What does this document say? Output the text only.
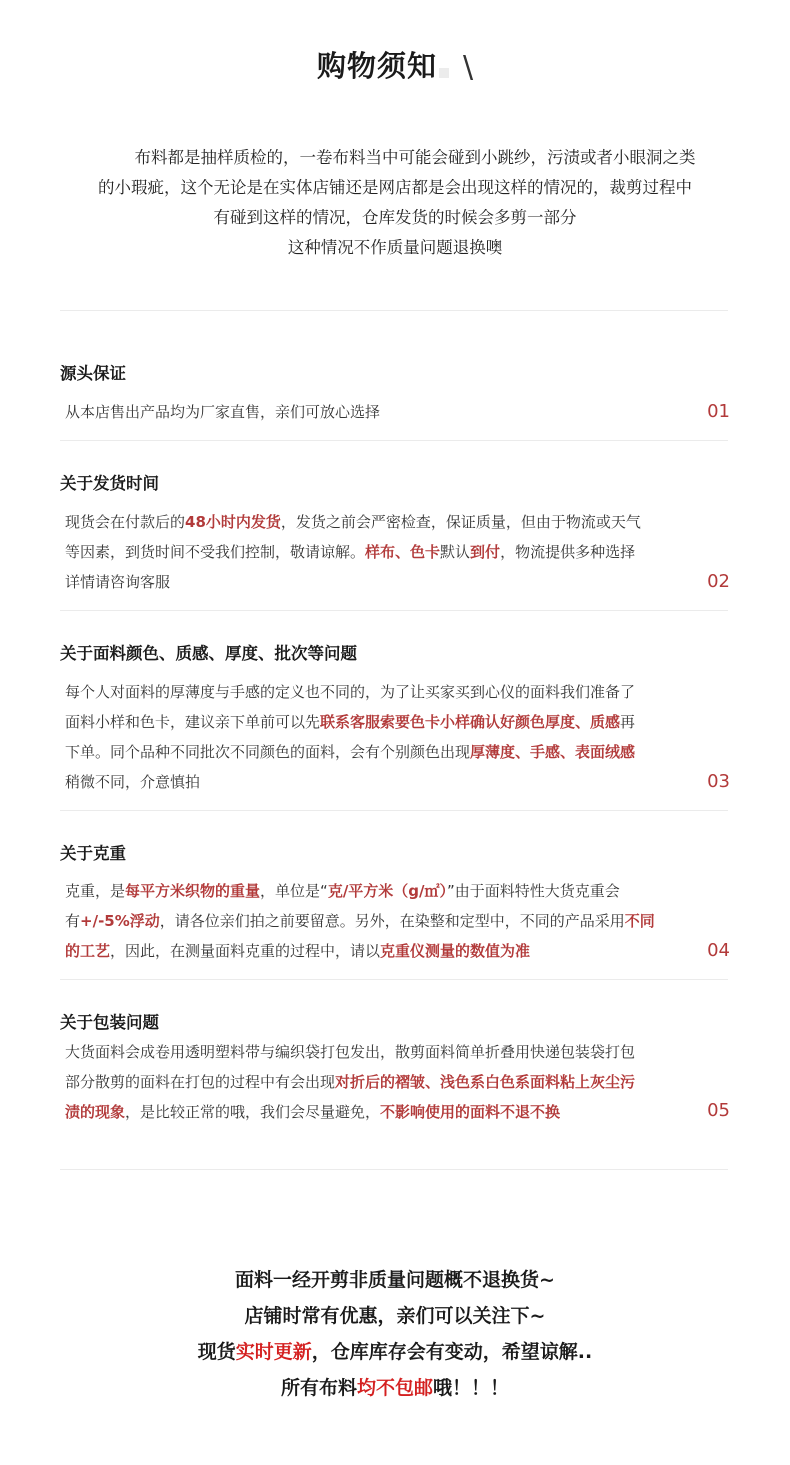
购物须知 \
布料都是抽样质检的，一卷布料当中可能会碰到小跳纱，污渍或者小眼洞之类
的小瑕疵，这个无论是在实体店铺还是网店都是会出现这样的情况的，裁剪过程中
有碰到这样的情况，仓库发货的时候会多剪一部分
这种情况不作质量问题退换噢
源头保证
从本店售出产品均为厂家直售，亲们可放心选择	01
关于发货时间
现货会在付款后的48小时内发货，发货之前会严密检查，保证质量，但由于物流或天气
等因素，到货时间不受我们控制，敬请谅解。样布、色卡默认到付，物流提供多种选择
详情请咨询客服	02
关于面料颜色、质感、厚度、批次等问题
每个人对面料的厚薄度与手感的定义也不同的，为了让买家买到心仪的面料我们准备了
面料小样和色卡，建议亲下单前可以先联系客服索要色卡小样确认好颜色厚度、质感再
下单。同个品种不同批次不同颜色的面料，会有个别颜色出现厚薄度、手感、表面绒感
稍微不同，介意慎拍	03
关于克重
克重，是每平方米织物的重量，单位是“克/平方米（g/㎡）”由于面料特性大货克重会
有+/-5%浮动，请各位亲们拍之前要留意。另外，在染整和定型中，不同的产品采用不同
的工艺，因此，在测量面料克重的过程中，请以克重仪测量的数值为准	04
关于包装问题
大货面料会成卷用透明塑料带与编织袋打包发出，散剪面料简单折叠用快递包装袋打包
部分散剪的面料在打包的过程中有会出现对折后的褶皱、浅色系白色系面料粘上灰尘污
渍的现象，是比较正常的哦，我们会尽量避免，不影响使用的面料不退不换	05
面料一经开剪非质量问题概不退换货~
店铺时常有优惠，亲们可以关注下~
现货实时更新，仓库库存会有变动，希望谅解..
所有布料均不包邮哦！！！
